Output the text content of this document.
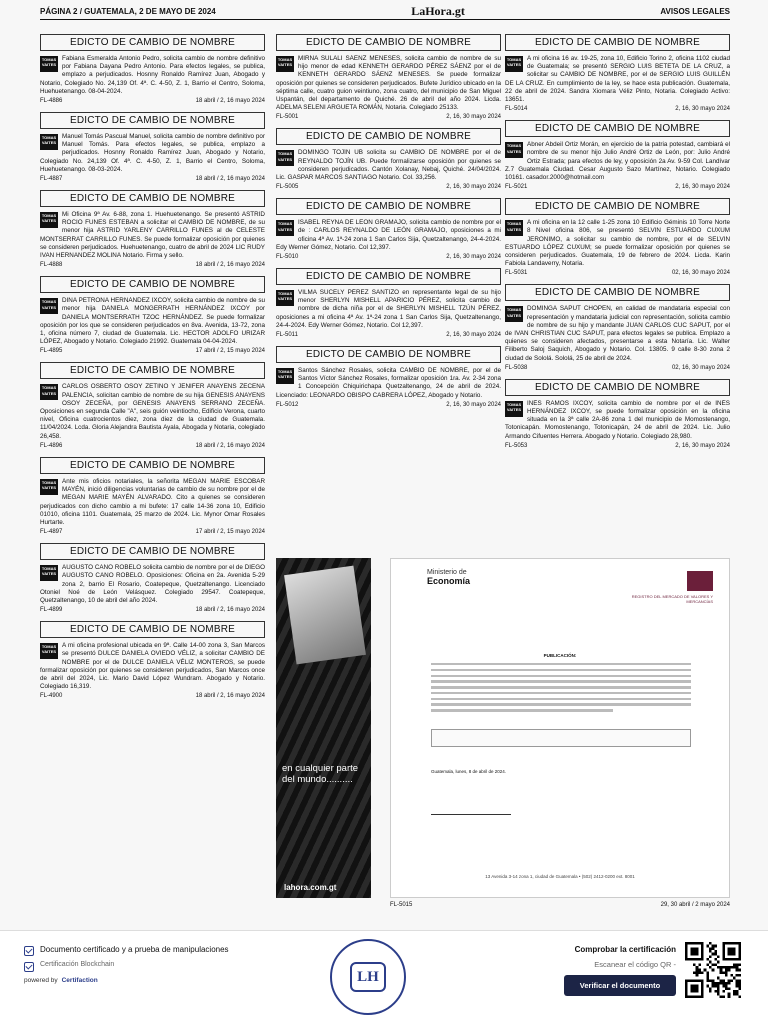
PÁGINA 2 / GUATEMALA, 2 DE MAYO DE 2024	LaHora.gt	AVISOS LEGALES
EDICTO DE CAMBIO DE NOMBRE
TOMAS VAITES
Fabiana Esmeralda Antonio Pedro, solicita cambio de nombre definitivo por Fabiana Dayana Pedro Antonio. Para efectos legales, se publica, emplazo a perjudicados. Hosnny Ronaldo Ramírez Juan, Abogado y Notario, Colegiado No. 24,139 Of. 4ª. C. 4-50, Z. 1, Barrio el Centro, Soloma, Huehuetenango. 08-04-2024.
FL-4886	18 abril / 2, 16 mayo 2024
EDICTO DE CAMBIO DE NOMBRE
TOMAS VAITES
Manuel Tomás Pascual Manuel, solicita cambio de nombre definitivo por Manuel Tomás. Para efectos legales, se publica, emplazo a perjudicados. Hosnny Ronaldo Ramírez Juan, Abogado y Notario, Colegiado No. 24,139 Of. 4ª. C. 4-50, Z. 1, Barrio el Centro, Soloma, Huehuetenango. 08-03-2024.
FL-4887	18 abril / 2, 16 mayo 2024
EDICTO DE CAMBIO DE NOMBRE
TOMAS VAITES
Mi Oficina 9ª Av. 6-88, zona 1. Huehuetenango. Se presentó ASTRID ROCIO FUNES ESTEBAN a solicitar el CAMBIO DE NOMBRE, de su menor hija ASTRID YARLENY CARRILLO FUNES al de CELESTE MONTSERRAT CARRILLO FUNES. Se puede formalizar oposición por quienes se consideren perjudicados. Huehuetenango, cuatro de abril de 2024 LIC RUDY IVAN HERNANDEZ MOLINA Notario. Firma y sello.
FL-4888	18 abril / 2, 16 mayo 2024
EDICTO DE CAMBIO DE NOMBRE
TOMAS VAITES
DINA PETRONA HERNÁNDEZ IXCOY, solicita cambio de nombre de su menor hija DANIELA MONGERRATH HERNÁNDEZ IXCOY por DANIELA MONTSERRATH TZOC HERNÁNDEZ. Se puede formalizar oposición por los que se consideren perjudicados en 8va. Avenida, 13-72, zona 1, oficina número 7, ciudad de Guatemala. Lic. HECTOR ADOLFO URIZAR LÓPEZ, Abogado y Notario. Colegiado 21992. Guatemala 04-04-2024.
FL-4895	17 abril / 2, 15 mayo 2024
EDICTO DE CAMBIO DE NOMBRE
TOMAS VAITES
CARLOS OSBERTO OSOY ZETINO Y JENIFER ANAYENS ZECEÑA PALENCIA, solicitan cambio de nombre de su hija GENESIS ANAYENS OSOY ZECEÑA, por GENESIS ANAYENS SERRANO ZECEÑA. Oposiciones en segunda Calle "A", seis guión veintiocho, Edificio Verona, cuarto nivel, Oficina cuatrocientos diez, zona diez de la ciudad de Guatemala. 11/04/2024. Lcda. Gloria Alejandra Bautista Ayala, Abogada y Notaria, colegiado 26,458.
FL-4896	18 abril / 2, 16 mayo 2024
EDICTO DE CAMBIO DE NOMBRE
TOMAS VAITES
Ante mis oficios notariales, la señorita MEGAN MARIE ESCOBAR MAYÉN, inició diligencias voluntarias de cambio de su nombre por el de MEGAN MARIE MAYÉN ALVARADO. Cito a quienes se consideren perjudicados con dicho cambio a mi bufete: 17 calle 14-36 zona 10, Edificio 01010, oficina 1101. Guatemala, 25 marzo de 2024. Lic. Mynor Omar Rosales Hurtarte.
FL-4897	17 abril / 2, 15 mayo 2024
EDICTO DE CAMBIO DE NOMBRE
TOMAS VAITES
AUGUSTO CANO ROBELO solicita cambio de nombre por el de DIEGO AUGUSTO CANO ROBELO. Oposiciones: Oficina en 2a. Avenida 5-29 zona 2, barrio El Rosario, Coatepeque, Quetzaltenango. Licenciado Otoniel Noé de León Velásquez. Colegiado 29547. Coatepeque, Quetzaltenango, 10 de abril del año 2024.
FL-4899	18 abril / 2, 16 mayo 2024
EDICTO DE CAMBIO DE NOMBRE
TOMAS VAITES
A mi oficina profesional ubicada en 9ª. Calle 14-00 zona 3, San Marcos se presentó DULCE DANIELA OVIEDO VÉLIZ, a solicitar CAMBIO DE NOMBRE por el de DULCE DANIELA VÉLIZ MONTEROS, se puede formalizar oposición por quienes se consideren perjudicados, San Marcos once de abril del 2024, Lic. Mario David López Wundram. Abogado y Notario. Colegiado 16,319.
FL-4900	18 abril / 2, 16 mayo 2024
EDICTO DE CAMBIO DE NOMBRE
TOMAS VAITES
MIRNA SULALI SÁENZ MENESES, solicita cambio de nombre de su hijo menor de edad KENNETH GERARDO PÉREZ SÁENZ por el de KENNETH GERARDO SÁENZ MENESES. Se puede formalizar oposición por quienes se consideren perjudicados. Bufete Jurídico ubicado en la séptima calle, cuatro guion veintiuno, zona cuatro, del municipio de San Miguel Uspantán, del departamento de Quiché. 26 de abril del año 2024. Licda. ADELMA SELENI ARGUETA ROMÁN, Notaria. Colegiado 25133.
FL-5001	2, 16, 30 mayo 2024
EDICTO DE CAMBIO DE NOMBRE
TOMAS VAITES
DOMINGO TOJÍN UB solicita su CAMBIO DE NOMBRE por el de REYNALDO TOJÍN UB. Puede formalizarse oposición por quienes se consideren perjudicados. Cantón Xolanay, Nebaj, Quiché. 24/04/2024. Lic. GASPAR MARCOS SANTIAGO Notario. Col. 33,256.
FL-5005	2, 16, 30 mayo 2024
EDICTO DE CAMBIO DE NOMBRE
TOMAS VAITES
ISABEL REYNA DE LEÓN GRAMAJO, solicita cambio de nombre por el de : CARLOS REYNALDO DE LEÓN GRAMAJO, oposiciones a mi oficina 4ª Av. 1ª-24 zona 1 San Carlos Sija, Quetzaltenango, 24-4-2024. Edy Werner Gómez, Notario. Col 12,397.
FL-5010	2, 16, 30 mayo 2024
EDICTO DE CAMBIO DE NOMBRE
TOMAS VAITES
VILMA SUCELY PÉREZ SANTIZO en representante legal de su hijo menor SHERLYN MISHELL APARICIO PÉREZ, solicita cambio de nombre de dicha niña por el de SHERLYN MISHELL TZÚN PÉREZ, oposiciones a mi oficina 4ª Av. 1ª-24 zona 1 San Carlos Sija, Quetzaltenango, 24-4-2024. Edy Werner Gómez, Notario. Col 12,397.
FL-5011	2, 16, 30 mayo 2024
EDICTO DE CAMBIO DE NOMBRE
TOMAS VAITES
Santos Sánchez Rosales, solicita CAMBIO DE NOMBRE, por el de Santos Víctor Sánchez Rosales, formalizar oposición 1ra. Av. 2-34 zona 1 Concepción Chiquirichapa Quetzaltenango, 24 de abril de 2024. Licenciado: LEONARDO OBISPO CABRERA LÓPEZ, Abogado y Notario.
FL-5012	2, 16, 30 mayo 2024
EDICTO DE CAMBIO DE NOMBRE
TOMAS VAITES
A mi oficina 16 av. 19-25, zona 10, Edificio Torino 2, oficina 1102 ciudad de Guatemala; se presentó SERGIO LUIS BETETA DE LA CRUZ, a solicitar su CAMBIO DE NOMBRE, por el de SERGIO LUIS GUILLÉN DE LA CRUZ. En cumplimiento de la ley, se hace esta publicación. Guatemala, 22 de abril de 2024. Sandra Xiomara Véliz Pinto, Notaria. Colegiado Activo: 13651.
FL-5014	2, 16, 30 mayo 2024
EDICTO DE CAMBIO DE NOMBRE
TOMAS VAITES
Abner Abdeil Ortiz Morán, en ejercicio de la patria potestad, cambiará el nombre de su menor hijo Julio André Ortiz de León, por: Julio André Ortiz Estrada; para efectos de ley, y oposición 2a Av. 9-59 Col. Landívar Z.7 Guatemala Ciudad. Cesar Augusto Sazo Martínez, Notario. Colegiado 10161. casador.2000@hotmail.com
FL-5021	2, 16, 30 mayo 2024
EDICTO DE CAMBIO DE NOMBRE
TOMAS VAITES
A mi oficina en la 12 calle 1-25 zona 10 Edificio Géminis 10 Torre Norte 8 Nivel oficina 806, se presentó SELVIN ESTUARDO CUXUM JERONIMO, a solicitar su cambio de nombre, por el de SELVIN ESTUARDO LÓPEZ CUXUM; se puede formalizar oposición por quienes se consideren perjudicados. Guatemala, 19 de febrero de 2024. Licda. Karin Fabiola Landaverry, Notaria.
FL-5031	02, 16, 30 mayo 2024
EDICTO DE CAMBIO DE NOMBRE
TOMAS VAITES
DOMINGA SAPUT CHOPEN, en calidad de mandataria especial con representación y mandataria judicial con representación, solicita cambio de nombre de su hijo y mandante JUAN CARLOS CUC SAPUT, por el de IVAN CHRISTIAN CUC SAPUT, para efectos legales se publica. Emplazo a quienes se consideren afectados, presentarse a esta Notaría. Lic. Walter Filiberto Saloj Saquich, Abogado y Notario. Col. 13805. 9 calle 8-30 zona 2 ciudad de Sololá. Sololá, 25 de abril de 2024.
FL-5038	02, 16, 30 mayo 2024
EDICTO DE CAMBIO DE NOMBRE
TOMAS VAITES
INÉS RAMOS IXCOY, solicita cambio de nombre por el de INÉS HERNÁNDEZ IXCOY, se puede formalizar oposición en la oficina situada en la 3ª calle 2A-86 zona 1 del municipio de Momostenango, Totonicapán. Momostenango, Totonicapán, 24 de abril de 2024. Lic. Julio Armando Cifuentes Herrera. Abogado y Notario. Colegiado 28,980.
FL-5053	2, 16, 30 mayo 2024
en cualquier parte del mundo..........
lahora.com.gt
Ministerio de
Economía

REGISTRO DEL MERCADO DE VALORES Y MERCANCÍAS
PUBLICACIÓN:
Guatemala, lunes, 8 de abril de 2024.
13 Avenida 3-14 zona 1, ciudad de Guatemala • (502) 2412-0200 ext. 8001
FL-5015	29, 30 abril / 2 mayo 2024
Documento certificado y a prueba de manipulaciones
Certificación Blockchain
powered by Certifaction	LH
Comprobar la certificación
Escanear el código QR -
Verificar el documento
